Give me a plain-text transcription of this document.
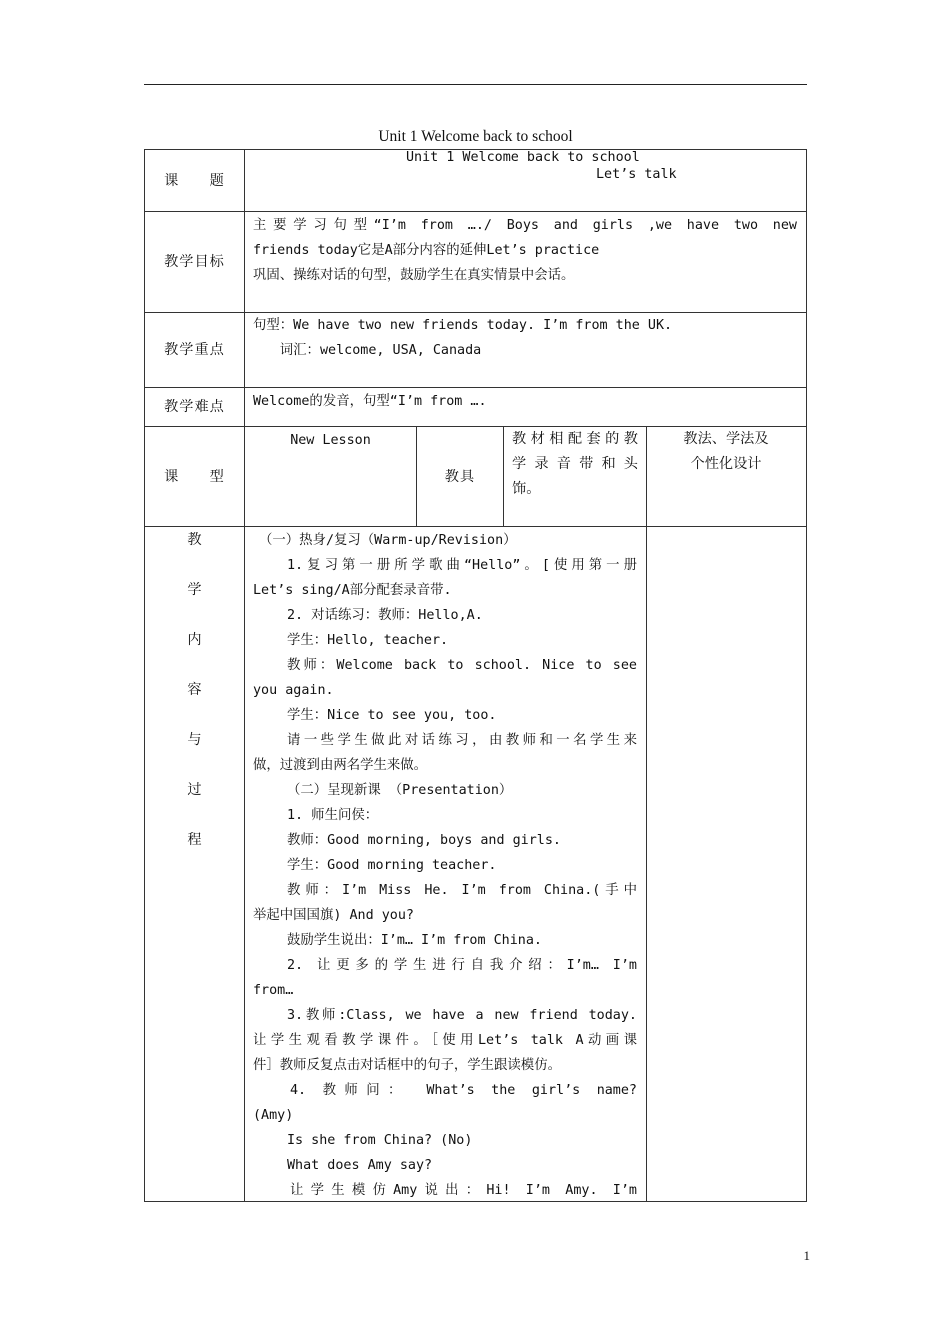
Unit 1 Welcome back to school
课　　题
Unit 1 Welcome back to school
Let’s talk
教学目标
主要学习句型“I’m from ….∕ Boys and girls ,we have two new
friends today它是A部分内容的延伸Let’s practice
巩固、操练对话的句型，鼓励学生在真实情景中会话。
教学重点
句型：We have two new friends today. I’m from the UK.
　　词汇：welcome, USA, Canada
教学难点	Welcome的发音，句型“I’m from ….
课　　型
New Lesson
教具
教材相配套的教
学录音带和头
饰。
教法、学法及
个性化设计
教
学
内
容
与
过
程
（一）热身∕复习（Warm-up/Revision）
1.复习第一册所学歌曲“Hello”。[使用第一册
Let’s sing/A部分配套录音带.
2. 对话练习：教师：Hello,A.
学生：Hello, teacher.
教师：Welcome back to school. Nice to see
you again.
学生：Nice to see you, too.
请一些学生做此对话练习，由教师和一名学生来
做，过渡到由两名学生来做。
（二）呈现新课 （Presentation）
1. 师生问侯：
教师：Good morning, boys and girls.
学生：Good morning teacher.
教师：I’m Miss He. I’m from China.(手中
举起中国国旗) And you?
鼓励学生说出：I’m… I’m from China.
2. 让更多的学生进行自我介绍：I’m… I’m
from…
3.教师:Class, we have a new friend today.
让学生观看教学课件。［使用Let’s talk A动画课
件］教师反复点击对话框中的句子，学生跟读模仿。
4. 教师问： What’s the girl’s name?
(Amy)
Is she from China? (No)
What does Amy say?
让学生模仿Amy说出：Hi! I’m Amy. I’m
1
